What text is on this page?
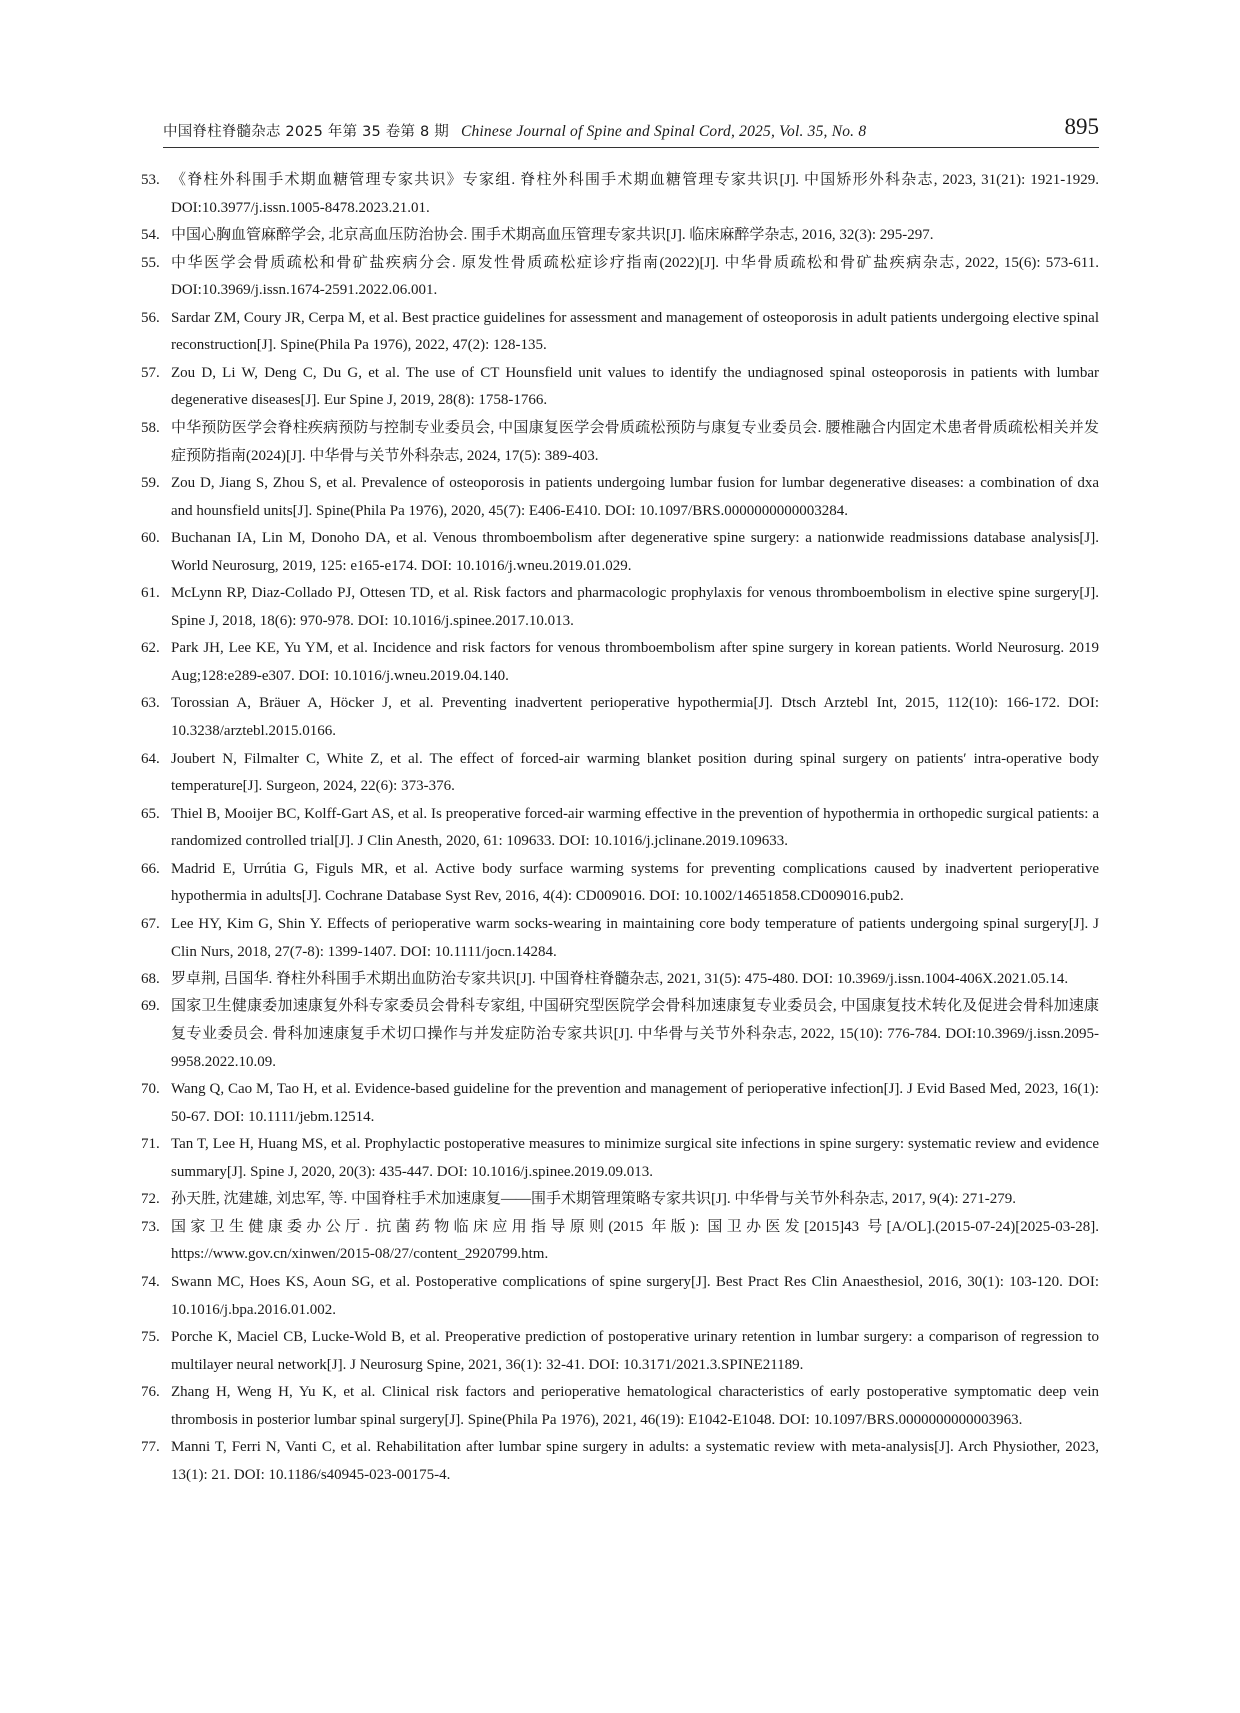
中国脊柱脊髓杂志 2025 年第 35 卷第 8 期 Chinese Journal of Spine and Spinal Cord, 2025, Vol. 35, No. 8	895
53. 《脊柱外科围手术期血糖管理专家共识》专家组. 脊柱外科围手术期血糖管理专家共识[J]. 中国矫形外科杂志, 2023, 31(21): 1921-1929. DOI:10.3977/j.issn.1005-8478.2023.21.01.
54. 中国心胸血管麻醉学会, 北京高血压防治协会. 围手术期高血压管理专家共识[J]. 临床麻醉学杂志, 2016, 32(3): 295-297.
55. 中华医学会骨质疏松和骨矿盐疾病分会. 原发性骨质疏松症诊疗指南(2022)[J]. 中华骨质疏松和骨矿盐疾病杂志, 2022, 15(6): 573-611. DOI:10.3969/j.issn.1674-2591.2022.06.001.
56. Sardar ZM, Coury JR, Cerpa M, et al. Best practice guidelines for assessment and management of osteoporosis in adult patients undergoing elective spinal reconstruction[J]. Spine(Phila Pa 1976), 2022, 47(2): 128-135.
57. Zou D, Li W, Deng C, Du G, et al. The use of CT Hounsfield unit values to identify the undiagnosed spinal osteoporosis in patients with lumbar degenerative diseases[J]. Eur Spine J, 2019, 28(8): 1758-1766.
58. 中华预防医学会脊柱疾病预防与控制专业委员会, 中国康复医学会骨质疏松预防与康复专业委员会. 腰椎融合内固定术患者骨质疏松相关并发症预防指南(2024)[J]. 中华骨与关节外科杂志, 2024, 17(5): 389-403.
59. Zou D, Jiang S, Zhou S, et al. Prevalence of osteoporosis in patients undergoing lumbar fusion for lumbar degenerative diseases: a combination of dxa and hounsfield units[J]. Spine(Phila Pa 1976), 2020, 45(7): E406-E410. DOI: 10.1097/BRS.0000000000003284.
60. Buchanan IA, Lin M, Donoho DA, et al. Venous thromboembolism after degenerative spine surgery: a nationwide readmissions database analysis[J]. World Neurosurg, 2019, 125: e165-e174. DOI: 10.1016/j.wneu.2019.01.029.
61. McLynn RP, Diaz-Collado PJ, Ottesen TD, et al. Risk factors and pharmacologic prophylaxis for venous thromboembolism in elective spine surgery[J]. Spine J, 2018, 18(6): 970-978. DOI: 10.1016/j.spinee.2017.10.013.
62. Park JH, Lee KE, Yu YM, et al. Incidence and risk factors for venous thromboembolism after spine surgery in korean patients. World Neurosurg. 2019 Aug;128:e289-e307. DOI: 10.1016/j.wneu.2019.04.140.
63. Torossian A, Bräuer A, Höcker J, et al. Preventing inadvertent perioperative hypothermia[J]. Dtsch Arztebl Int, 2015, 112(10): 166-172. DOI: 10.3238/arztebl.2015.0166.
64. Joubert N, Filmalter C, White Z, et al. The effect of forced-air warming blanket position during spinal surgery on patients′ intra-operative body temperature[J]. Surgeon, 2024, 22(6): 373-376.
65. Thiel B, Mooijer BC, Kolff-Gart AS, et al. Is preoperative forced-air warming effective in the prevention of hypothermia in orthopedic surgical patients: a randomized controlled trial[J]. J Clin Anesth, 2020, 61: 109633. DOI: 10.1016/j.jclinane.2019.109633.
66. Madrid E, Urrútia G, Figuls MR, et al. Active body surface warming systems for preventing complications caused by inadvertent perioperative hypothermia in adults[J]. Cochrane Database Syst Rev, 2016, 4(4): CD009016. DOI: 10.1002/14651858.CD009016.pub2.
67. Lee HY, Kim G, Shin Y. Effects of perioperative warm socks-wearing in maintaining core body temperature of patients undergoing spinal surgery[J]. J Clin Nurs, 2018, 27(7-8): 1399-1407. DOI: 10.1111/jocn.14284.
68. 罗卓荆, 吕国华. 脊柱外科围手术期出血防治专家共识[J]. 中国脊柱脊髓杂志, 2021, 31(5): 475-480. DOI: 10.3969/j.issn.1004-406X.2021.05.14.
69. 国家卫生健康委加速康复外科专家委员会骨科专家组, 中国研究型医院学会骨科加速康复专业委员会, 中国康复技术转化及促进会骨科加速康复专业委员会. 骨科加速康复手术切口操作与并发症防治专家共识[J]. 中华骨与关节外科杂志, 2022, 15(10): 776-784. DOI:10.3969/j.issn.2095-9958.2022.10.09.
70. Wang Q, Cao M, Tao H, et al. Evidence-based guideline for the prevention and management of perioperative infection[J]. J Evid Based Med, 2023, 16(1): 50-67. DOI: 10.1111/jebm.12514.
71. Tan T, Lee H, Huang MS, et al. Prophylactic postoperative measures to minimize surgical site infections in spine surgery: systematic review and evidence summary[J]. Spine J, 2020, 20(3): 435-447. DOI: 10.1016/j.spinee.2019.09.013.
72. 孙天胜, 沈建雄, 刘忠军, 等. 中国脊柱手术加速康复——围手术期管理策略专家共识[J]. 中华骨与关节外科杂志, 2017, 9(4): 271-279.
73. 国家卫生健康委办公厅. 抗菌药物临床应用指导原则(2015 年版): 国卫办医发[2015]43 号[A/OL].(2015-07-24)[2025-03-28]. https://www.gov.cn/xinwen/2015-08/27/content_2920799.htm.
74. Swann MC, Hoes KS, Aoun SG, et al. Postoperative complications of spine surgery[J]. Best Pract Res Clin Anaesthesiol, 2016, 30(1): 103-120. DOI: 10.1016/j.bpa.2016.01.002.
75. Porche K, Maciel CB, Lucke-Wold B, et al. Preoperative prediction of postoperative urinary retention in lumbar surgery: a comparison of regression to multilayer neural network[J]. J Neurosurg Spine, 2021, 36(1): 32-41. DOI: 10.3171/2021.3.SPINE21189.
76. Zhang H, Weng H, Yu K, et al. Clinical risk factors and perioperative hematological characteristics of early postoperative symptomatic deep vein thrombosis in posterior lumbar spinal surgery[J]. Spine(Phila Pa 1976), 2021, 46(19): E1042-E1048. DOI: 10.1097/BRS.0000000000003963.
77. Manni T, Ferri N, Vanti C, et al. Rehabilitation after lumbar spine surgery in adults: a systematic review with meta-analysis[J]. Arch Physiother, 2023, 13(1): 21. DOI: 10.1186/s40945-023-00175-4.
